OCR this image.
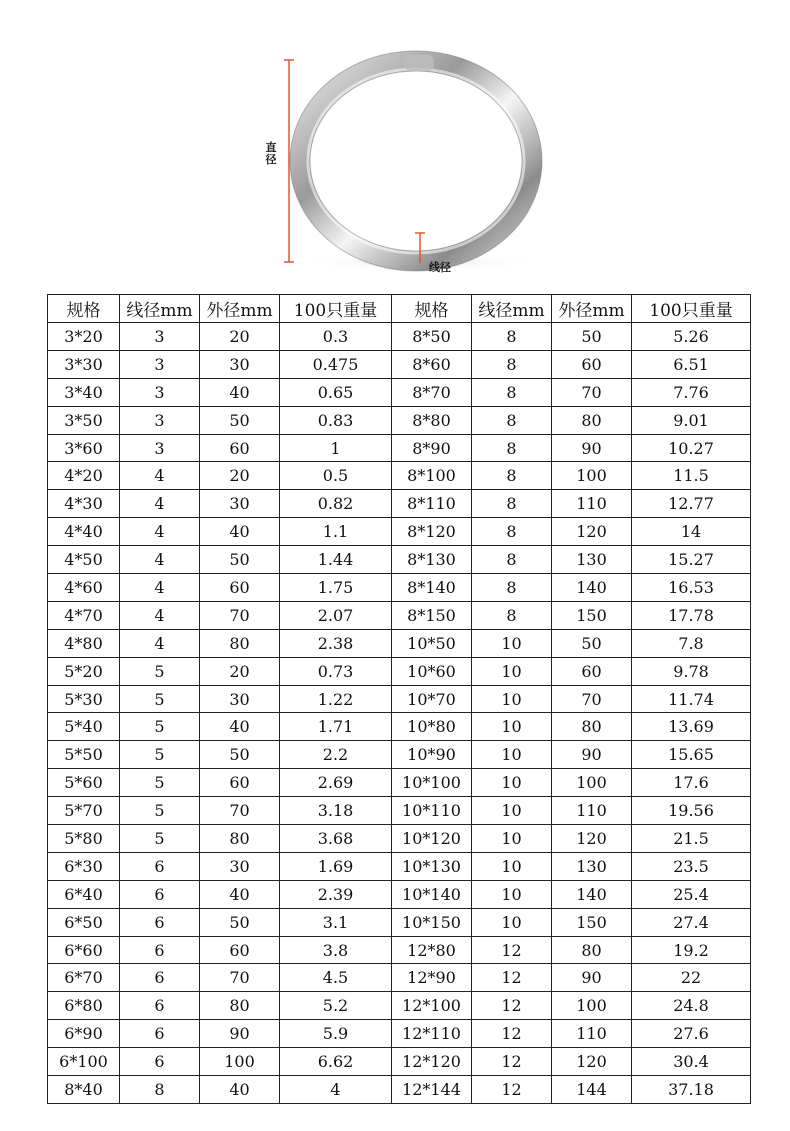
直径
线径
规格	线径mm	外径mm	100只重量	规格	线径mm	外径mm	100只重量
3*20	3	20	0.3	8*50	8	50	5.26
3*30	3	30	0.475	8*60	8	60	6.51
3*40	3	40	0.65	8*70	8	70	7.76
3*50	3	50	0.83	8*80	8	80	9.01
3*60	3	60	1	8*90	8	90	10.27
4*20	4	20	0.5	8*100	8	100	11.5
4*30	4	30	0.82	8*110	8	110	12.77
4*40	4	40	1.1	8*120	8	120	14
4*50	4	50	1.44	8*130	8	130	15.27
4*60	4	60	1.75	8*140	8	140	16.53
4*70	4	70	2.07	8*150	8	150	17.78
4*80	4	80	2.38	10*50	10	50	7.8
5*20	5	20	0.73	10*60	10	60	9.78
5*30	5	30	1.22	10*70	10	70	11.74
5*40	5	40	1.71	10*80	10	80	13.69
5*50	5	50	2.2	10*90	10	90	15.65
5*60	5	60	2.69	10*100	10	100	17.6
5*70	5	70	3.18	10*110	10	110	19.56
5*80	5	80	3.68	10*120	10	120	21.5
6*30	6	30	1.69	10*130	10	130	23.5
6*40	6	40	2.39	10*140	10	140	25.4
6*50	6	50	3.1	10*150	10	150	27.4
6*60	6	60	3.8	12*80	12	80	19.2
6*70	6	70	4.5	12*90	12	90	22
6*80	6	80	5.2	12*100	12	100	24.8
6*90	6	90	5.9	12*110	12	110	27.6
6*100	6	100	6.62	12*120	12	120	30.4
8*40	8	40	4	12*144	12	144	37.18
